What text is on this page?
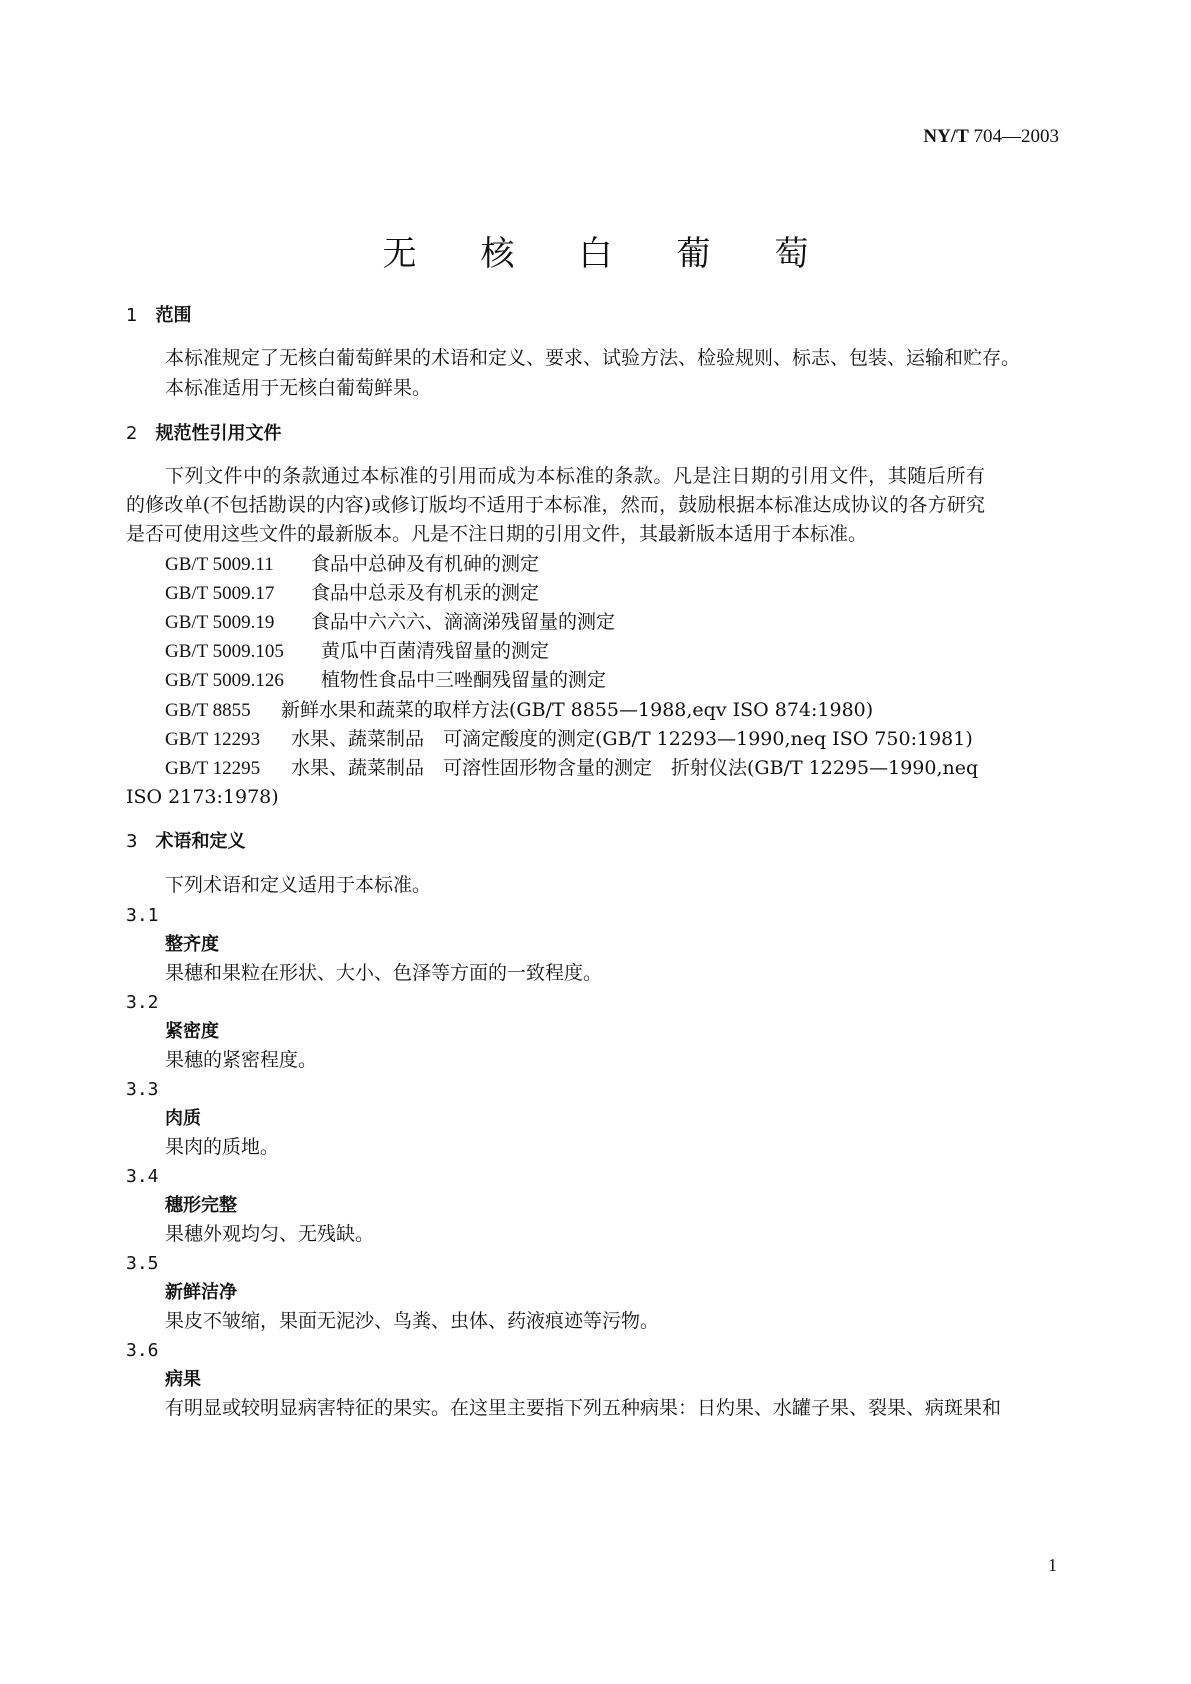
NY/T 704—2003
无 核 白 葡 萄
1 范围
本标准规定了无核白葡萄鲜果的术语和定义、要求、试验方法、检验规则、标志、包装、运输和贮存。
本标准适用于无核白葡萄鲜果。
2 规范性引用文件
下列文件中的条款通过本标准的引用而成为本标准的条款。凡是注日期的引用文件，其随后所有
的修改单(不包括勘误的内容)或修订版均不适用于本标准，然而，鼓励根据本标准达成协议的各方研究
是否可使用这些文件的最新版本。凡是不注日期的引用文件，其最新版本适用于本标准。
GB/T 5009.11 食品中总砷及有机砷的测定
GB/T 5009.17 食品中总汞及有机汞的测定
GB/T 5009.19 食品中六六六、滴滴涕残留量的测定
GB/T 5009.105 黄瓜中百菌清残留量的测定
GB/T 5009.126 植物性食品中三唑酮残留量的测定
GB/T 8855 新鲜水果和蔬菜的取样方法(GB/T 8855—1988,eqv ISO 874:1980)
GB/T 12293 水果、蔬菜制品　可滴定酸度的测定(GB/T 12293—1990,neq ISO 750:1981)
GB/T 12295 水果、蔬菜制品　可溶性固形物含量的测定　折射仪法(GB/T 12295—1990,neq
ISO 2173:1978)
3 术语和定义
下列术语和定义适用于本标准。
3.1
整齐度
果穗和果粒在形状、大小、色泽等方面的一致程度。
3.2
紧密度
果穗的紧密程度。
3.3
肉质
果肉的质地。
3.4
穗形完整
果穗外观均匀、无残缺。
3.5
新鲜洁净
果皮不皱缩，果面无泥沙、鸟粪、虫体、药液痕迹等污物。
3.6
病果
有明显或较明显病害特征的果实。在这里主要指下列五种病果：日灼果、水罐子果、裂果、病斑果和
1
